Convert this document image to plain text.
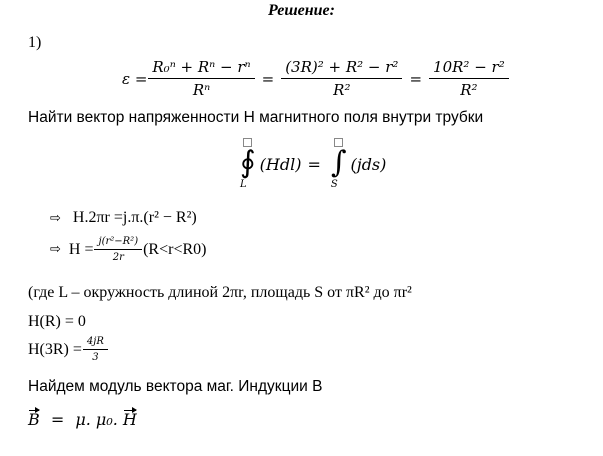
Решение:
1)
$\varepsilon = \frac{\text{R₀ⁿ + Rⁿ − rⁿ}}{\text{Rⁿ}} = \frac{\text{(3R)² + R² − r²}}{\text{R²}} = \frac{\text{10R² − r²}}{\text{R²}}$
Найти вектор напряженности H магнитного поля внутри трубки
∮
L
(Hdl) = ∫
S
(jds)
⇨ H.2πr =j.π.(r² − R²)
⇨ $H = \frac{\text{j(r²−R²)}}{2r} (R<r<R0)$
(где L – окружность длиной 2πr, площадь S от πR² до πr²
H(R) = 0
$H(3R) = \frac{4jR}{3}$
Найдем модуль вектора маг. Индукции B
B = μ. μ₀. H
